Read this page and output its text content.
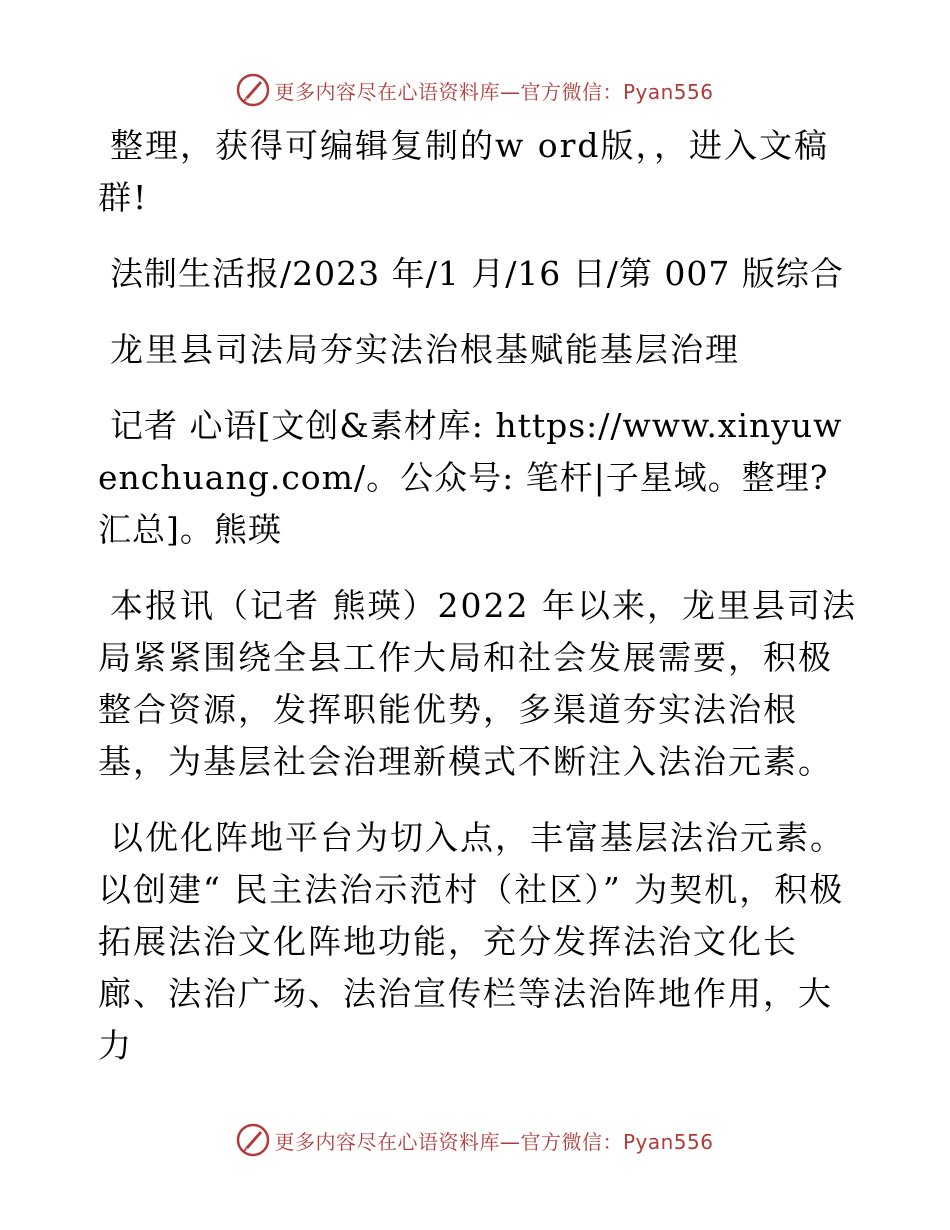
更多内容尽在心语资料库—官方微信：Pyan556

整理，获得可编辑复制的w ord版，，进入文稿群!

法制生活报/2023 年/1 月/16 日/第 007 版综合

龙里县司法局夯实法治根基赋能基层治理

记者 心语[文创&素材库: https://www.xinyuwenchuang.com/。公众号: 笔杆|子星域。整理?汇总]。熊瑛

本报讯（记者 熊瑛）2022 年以来，龙里县司法局紧紧围绕全县工作大局和社会发展需要，积极整合资源，发挥职能优势，多渠道夯实法治根基，为基层社会治理新模式不断注入法治元素。

以优化阵地平台为切入点，丰富基层法治元素。以创建“ 民主法治示范村（社区）” 为契机，积极拓展法治文化阵地功能，充分发挥法治文化长廊、法治广场、法治宣传栏等法治阵地作用，大力

更多内容尽在心语资料库—官方微信：Pyan556
